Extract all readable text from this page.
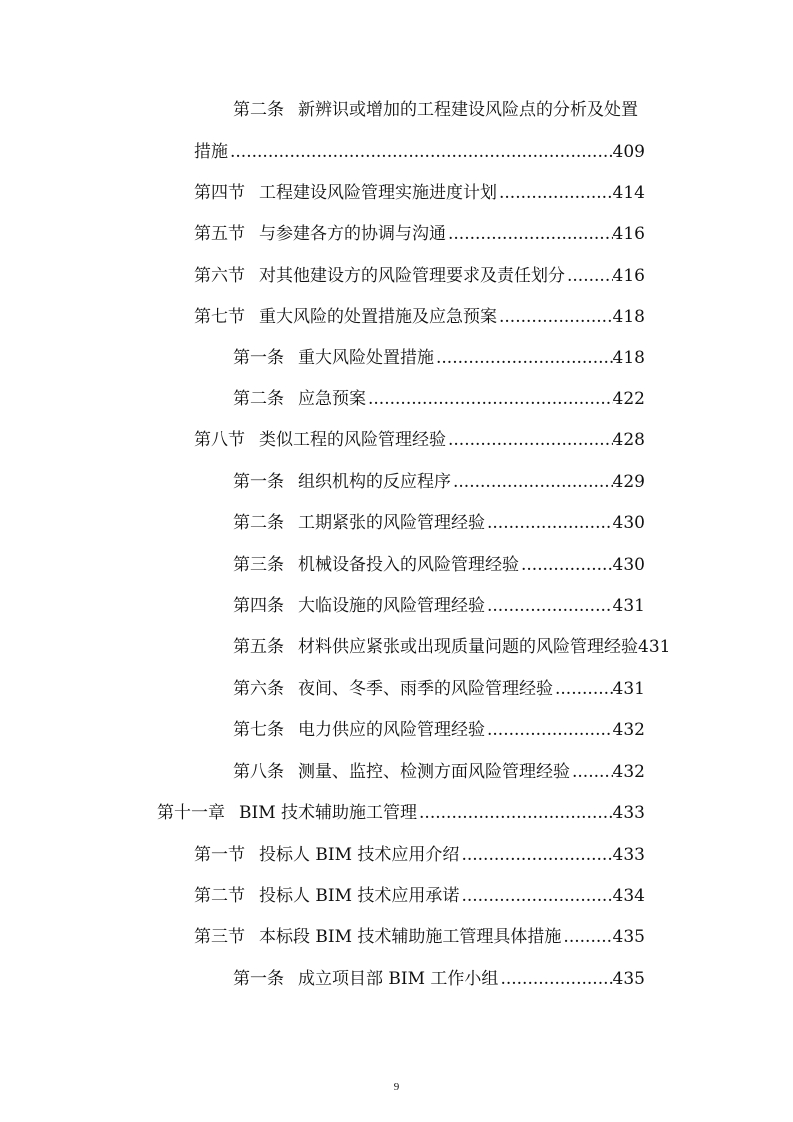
第二条 新辨识或增加的工程建设风险点的分析及处置
措施 .....	409
第四节 工程建设风险管理实施进度计划 .....	414
第五节 与参建各方的协调与沟通 .....	416
第六节 对其他建设方的风险管理要求及责任划分 .....	416
第七节 重大风险的处置措施及应急预案 .....	418
第一条 重大风险处置措施 .....	418
第二条 应急预案 .....	422
第八节 类似工程的风险管理经验 .....	428
第一条 组织机构的反应程序 .....	429
第二条 工期紧张的风险管理经验 .....	430
第三条 机械设备投入的风险管理经验 .....	430
第四条 大临设施的风险管理经验 .....	431
第五条 材料供应紧张或出现质量问题的风险管理经验 431
第六条 夜间、冬季、雨季的风险管理经验 .....	431
第七条 电力供应的风险管理经验 .....	432
第八条 测量、监控、检测方面风险管理经验 .....	432
第十一章 BIM 技术辅助施工管理 .....	433
第一节 投标人 BIM 技术应用介绍 .....	433
第二节 投标人 BIM 技术应用承诺 .....	434
第三节 本标段 BIM 技术辅助施工管理具体措施 .....	435
第一条 成立项目部 BIM 工作小组 .....	435
9
